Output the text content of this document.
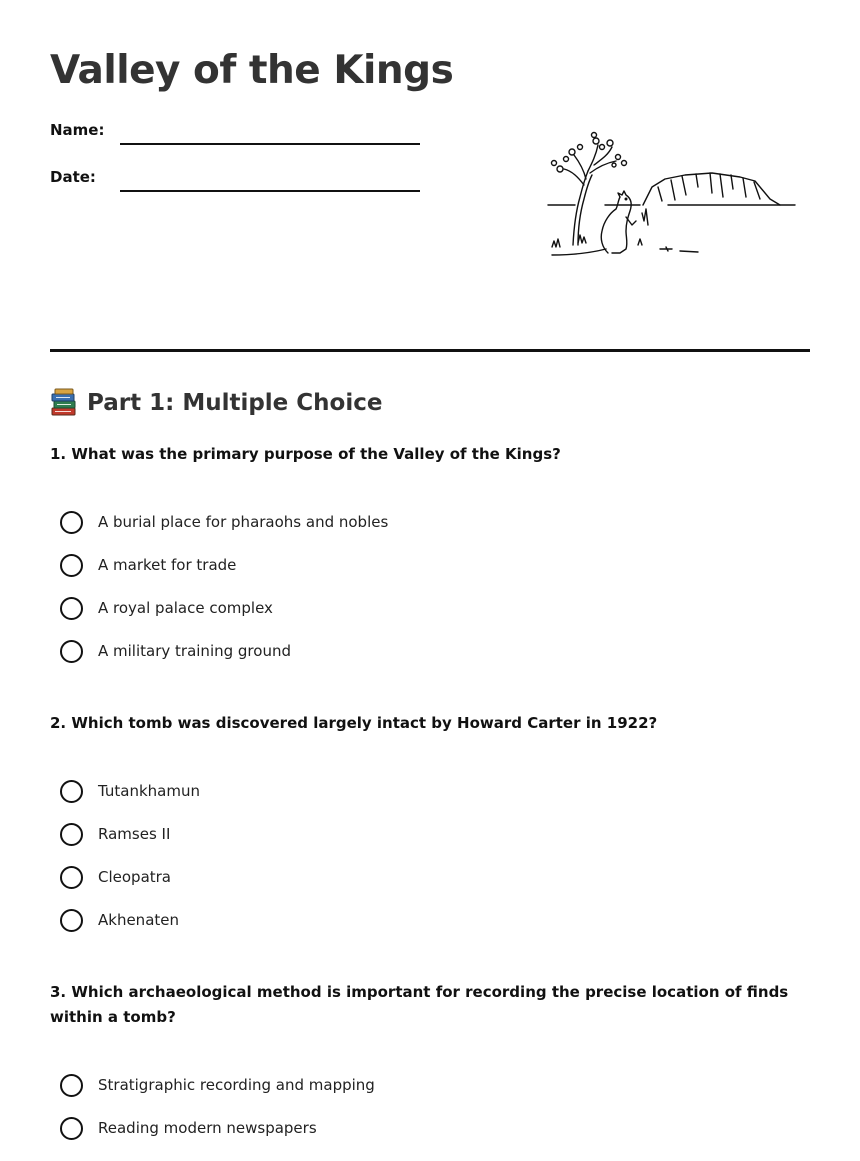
Valley of the Kings
Name:
Date:
Part 1: Multiple Choice

1. What was the primary purpose of the Valley of the Kings?

A burial place for pharaohs and nobles
A market for trade
A royal palace complex
A military training ground

2. Which tomb was discovered largely intact by Howard Carter in 1922?

Tutankhamun
Ramses II
Cleopatra
Akhenaten

3. Which archaeological method is important for recording the precise location of finds within a tomb?

Stratigraphic recording and mapping
Reading modern newspapers
